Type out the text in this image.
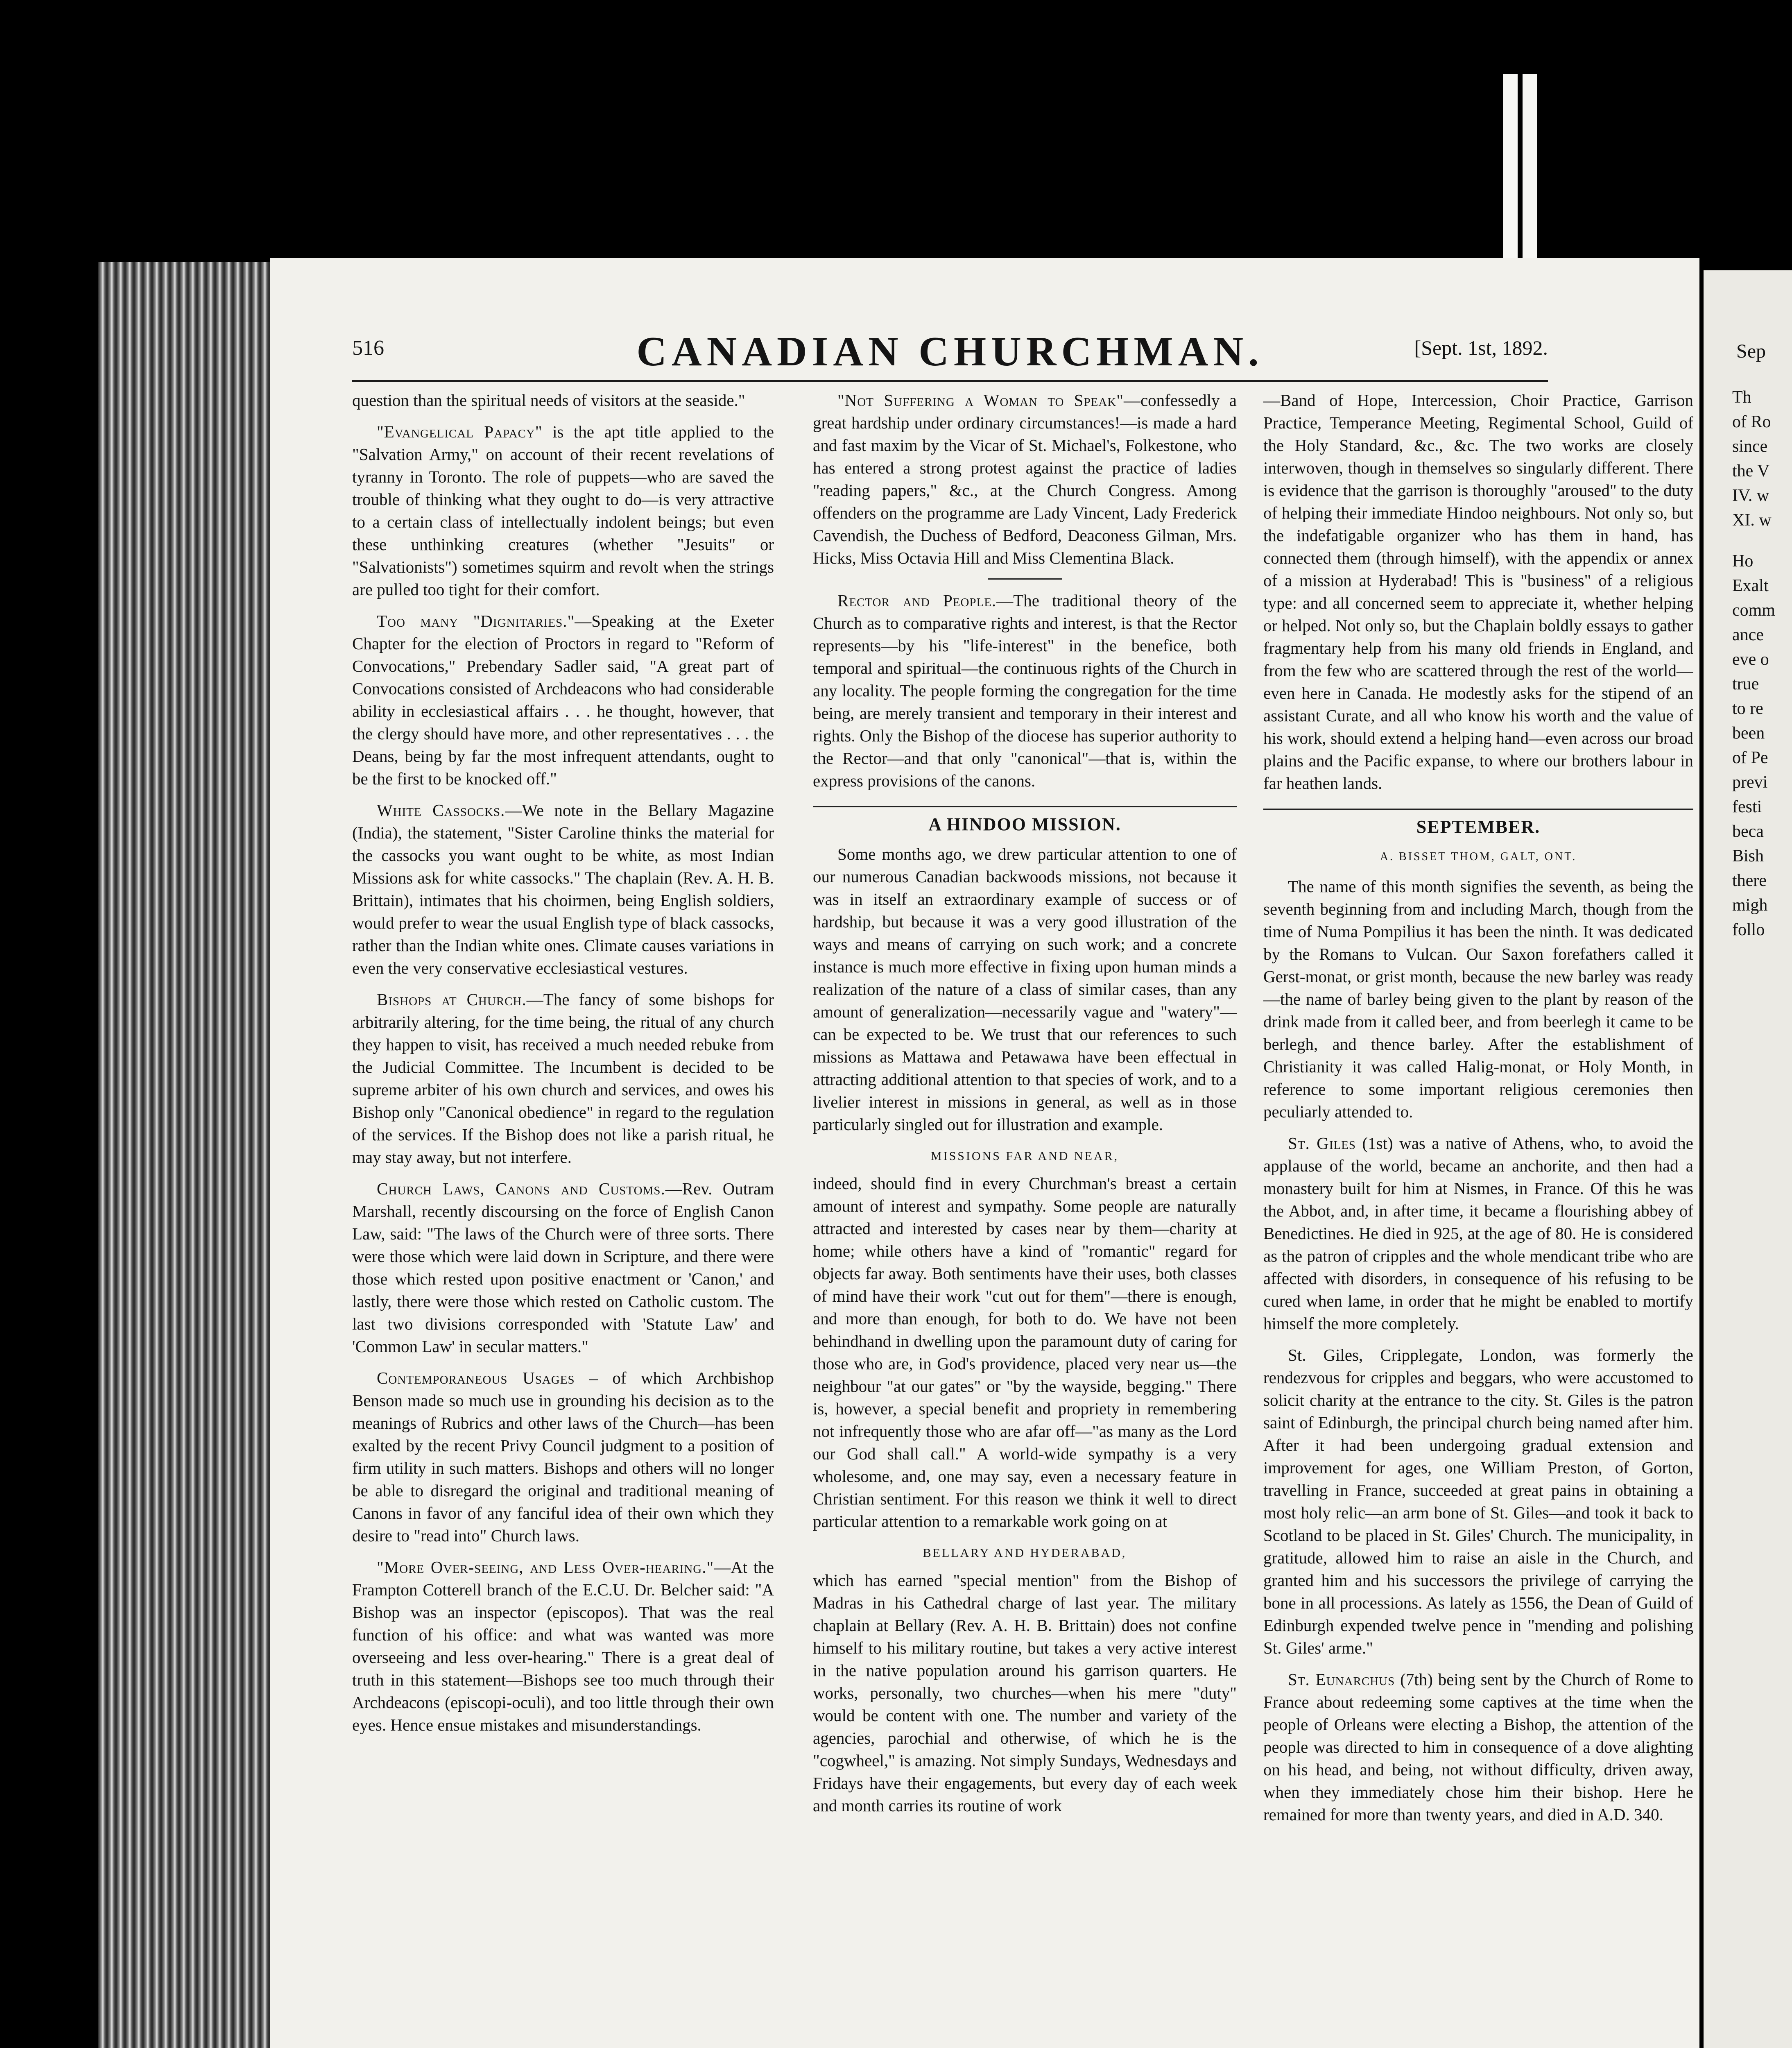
Sep
Th
of Ro
since
the V
IV. w
XI. w
Ho
Exalt
comm
ance
eve o
true
to re
been
of Pe
previ
festi
beca
Bish
there
migh
follo
516	CANADIAN CHURCHMAN.	[Sept. 1st, 1892.

question than the spiritual needs of visitors at the seaside."

"Evangelical Papacy" is the apt title applied to the "Salvation Army," on account of their recent revelations of tyranny in Toronto. The role of puppets—who are saved the trouble of thinking what they ought to do—is very attractive to a certain class of intellectually indolent beings; but even these unthinking creatures (whether "Jesuits" or "Salvationists") sometimes squirm and revolt when the strings are pulled too tight for their comfort.

Too many "Dignitaries."—Speaking at the Exeter Chapter for the election of Proctors in regard to "Reform of Convocations," Prebendary Sadler said, "A great part of Convocations consisted of Archdeacons who had considerable ability in ecclesiastical affairs . . . he thought, however, that the clergy should have more, and other representatives . . . the Deans, being by far the most infrequent attendants, ought to be the first to be knocked off."

White Cassocks.—We note in the Bellary Magazine (India), the statement, "Sister Caroline thinks the material for the cassocks you want ought to be white, as most Indian Missions ask for white cassocks." The chaplain (Rev. A. H. B. Brittain), intimates that his choirmen, being English soldiers, would prefer to wear the usual English type of black cassocks, rather than the Indian white ones. Climate causes variations in even the very conservative ecclesiastical vestures.

Bishops at Church.—The fancy of some bishops for arbitrarily altering, for the time being, the ritual of any church they happen to visit, has received a much needed rebuke from the Judicial Committee. The Incumbent is decided to be supreme arbiter of his own church and services, and owes his Bishop only "Canonical obedience" in regard to the regulation of the services. If the Bishop does not like a parish ritual, he may stay away, but not interfere.

Church Laws, Canons and Customs.—Rev. Outram Marshall, recently discoursing on the force of English Canon Law, said: "The laws of the Church were of three sorts. There were those which were laid down in Scripture, and there were those which rested upon positive enactment or 'Canon,' and lastly, there were those which rested on Catholic custom. The last two divisions corresponded with 'Statute Law' and 'Common Law' in secular matters."

Contemporaneous Usages – of which Archbishop Benson made so much use in grounding his decision as to the meanings of Rubrics and other laws of the Church—has been exalted by the recent Privy Council judgment to a position of firm utility in such matters. Bishops and others will no longer be able to disregard the original and traditional meaning of Canons in favor of any fanciful idea of their own which they desire to "read into" Church laws.

"More Over-seeing, and Less Over-hearing."—At the Frampton Cotterell branch of the E.C.U. Dr. Belcher said: "A Bishop was an inspector (episcopos). That was the real function of his office: and what was wanted was more overseeing and less over-hearing." There is a great deal of truth in this statement—Bishops see too much through their Archdeacons (episcopi-oculi), and too little through their own eyes. Hence ensue mistakes and misunderstandings.

"Not Suffering a Woman to Speak"—confessedly a great hardship under ordinary circumstances!—is made a hard and fast maxim by the Vicar of St. Michael's, Folkestone, who has entered a strong protest against the practice of ladies "reading papers," &c., at the Church Congress. Among offenders on the programme are Lady Vincent, Lady Frederick Cavendish, the Duchess of Bedford, Deaconess Gilman, Mrs. Hicks, Miss Octavia Hill and Miss Clementina Black.

Rector and People.—The traditional theory of the Church as to comparative rights and interest, is that the Rector represents—by his "life-interest" in the benefice, both temporal and spiritual—the continuous rights of the Church in any locality. The people forming the congregation for the time being, are merely transient and temporary in their interest and rights. Only the Bishop of the diocese has superior authority to the Rector—and that only "canonical"—that is, within the express provisions of the canons.

A HINDOO MISSION.

Some months ago, we drew particular attention to one of our numerous Canadian backwoods missions, not because it was in itself an extraordinary example of success or of hardship, but because it was a very good illustration of the ways and means of carrying on such work; and a concrete instance is much more effective in fixing upon human minds a realization of the nature of a class of similar cases, than any amount of generalization—necessarily vague and "watery"—can be expected to be. We trust that our references to such missions as Mattawa and Petawawa have been effectual in attracting additional attention to that species of work, and to a livelier interest in missions in general, as well as in those particularly singled out for illustration and example.

MISSIONS FAR AND NEAR,

indeed, should find in every Churchman's breast a certain amount of interest and sympathy. Some people are naturally attracted and interested by cases near by them—charity at home; while others have a kind of "romantic" regard for objects far away. Both sentiments have their uses, both classes of mind have their work "cut out for them"—there is enough, and more than enough, for both to do. We have not been behindhand in dwelling upon the paramount duty of caring for those who are, in God's providence, placed very near us—the neighbour "at our gates" or "by the wayside, begging." There is, however, a special benefit and propriety in remembering not infrequently those who are afar off—"as many as the Lord our God shall call." A world-wide sympathy is a very wholesome, and, one may say, even a necessary feature in Christian sentiment. For this reason we think it well to direct particular attention to a remarkable work going on at

BELLARY AND HYDERABAD,

which has earned "special mention" from the Bishop of Madras in his Cathedral charge of last year. The military chaplain at Bellary (Rev. A. H. B. Brittain) does not confine himself to his military routine, but takes a very active interest in the native population around his garrison quarters. He works, personally, two churches—when his mere "duty" would be content with one. The number and variety of the agencies, parochial and otherwise, of which he is the "cogwheel," is amazing. Not simply Sundays, Wednesdays and Fridays have their engagements, but every day of each week and month carries its routine of work

—Band of Hope, Intercession, Choir Practice, Garrison Practice, Temperance Meeting, Regimental School, Guild of the Holy Standard, &c., &c. The two works are closely interwoven, though in themselves so singularly different. There is evidence that the garrison is thoroughly "aroused" to the duty of helping their immediate Hindoo neighbours. Not only so, but the indefatigable organizer who has them in hand, has connected them (through himself), with the appendix or annex of a mission at Hyderabad! This is "business" of a religious type: and all concerned seem to appreciate it, whether helping or helped. Not only so, but the Chaplain boldly essays to gather fragmentary help from his many old friends in England, and from the few who are scattered through the rest of the world—even here in Canada. He modestly asks for the stipend of an assistant Curate, and all who know his worth and the value of his work, should extend a helping hand—even across our broad plains and the Pacific expanse, to where our brothers labour in far heathen lands.

SEPTEMBER.
A. BISSET THOM, GALT, ONT.

The name of this month signifies the seventh, as being the seventh beginning from and including March, though from the time of Numa Pompilius it has been the ninth. It was dedicated by the Romans to Vulcan. Our Saxon forefathers called it Gerst-monat, or grist month, because the new barley was ready—the name of barley being given to the plant by reason of the drink made from it called beer, and from beerlegh it came to be berlegh, and thence barley. After the establishment of Christianity it was called Halig-monat, or Holy Month, in reference to some important religious ceremonies then peculiarly attended to.

St. Giles (1st) was a native of Athens, who, to avoid the applause of the world, became an anchorite, and then had a monastery built for him at Nismes, in France. Of this he was the Abbot, and, in after time, it became a flourishing abbey of Benedictines. He died in 925, at the age of 80. He is considered as the patron of cripples and the whole mendicant tribe who are affected with disorders, in consequence of his refusing to be cured when lame, in order that he might be enabled to mortify himself the more completely.

St. Giles, Cripplegate, London, was formerly the rendezvous for cripples and beggars, who were accustomed to solicit charity at the entrance to the city. St. Giles is the patron saint of Edinburgh, the principal church being named after him. After it had been undergoing gradual extension and improvement for ages, one William Preston, of Gorton, travelling in France, succeeded at great pains in obtaining a most holy relic—an arm bone of St. Giles—and took it back to Scotland to be placed in St. Giles' Church. The municipality, in gratitude, allowed him to raise an aisle in the Church, and granted him and his successors the privilege of carrying the bone in all processions. As lately as 1556, the Dean of Guild of Edinburgh expended twelve pence in "mending and polishing St. Giles' arme."

St. Eunarchus (7th) being sent by the Church of Rome to France about redeeming some captives at the time when the people of Orleans were electing a Bishop, the attention of the people was directed to him in consequence of a dove alighting on his head, and being, not without difficulty, driven away, when they immediately chose him their bishop. Here he remained for more than twenty years, and died in A.D. 340.
